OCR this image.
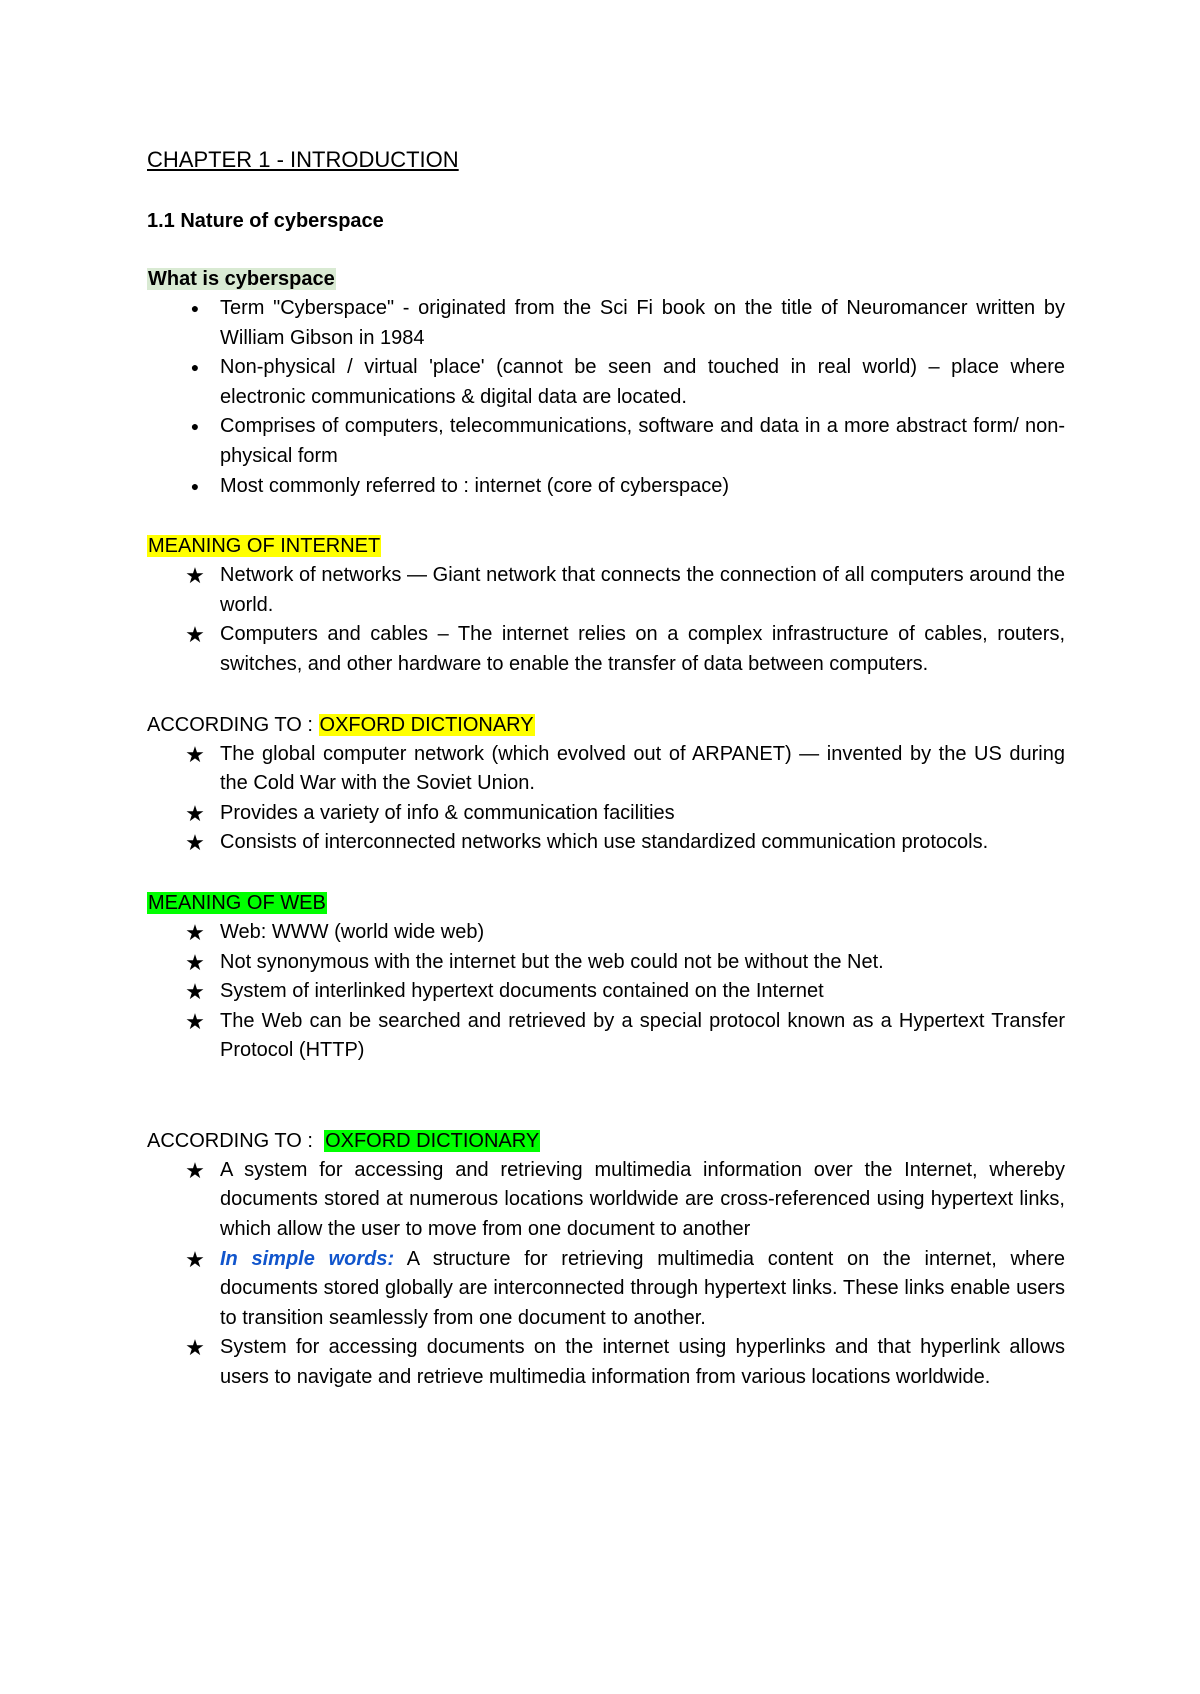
CHAPTER 1 - INTRODUCTION
1.1 Nature of cyberspace
What is cyberspace
●	Term "Cyberspace" - originated from the Sci Fi book on the title of Neuromancer written by William Gibson in 1984
●	Non-physical / virtual 'place' (cannot be seen and touched in real world) – place where electronic communications & digital data are located.
●	Comprises of computers, telecommunications, software and data in a more abstract form/ non-physical form
●	Most commonly referred to : internet (core of cyberspace)
MEANING OF INTERNET
★ Network of networks — Giant network that connects the connection of all computers around the world.
★ Computers and cables – The internet relies on a complex infrastructure of cables, routers, switches, and other hardware to enable the transfer of data between computers.
ACCORDING TO : OXFORD DICTIONARY
★ The global computer network (which evolved out of ARPANET) — invented by the US during the Cold War with the Soviet Union.
★ Provides a variety of info & communication facilities
★ Consists of interconnected networks which use standardized communication protocols.
MEANING OF WEB
★ Web: WWW (world wide web)
★ Not synonymous with the internet but the web could not be without the Net.
★ System of interlinked hypertext documents contained on the Internet
★ The Web can be searched and retrieved by a special protocol known as a Hypertext Transfer Protocol (HTTP)
ACCORDING TO :  OXFORD DICTIONARY
★ A system for accessing and retrieving multimedia information over the Internet, whereby documents stored at numerous locations worldwide are cross-referenced using hypertext links, which allow the user to move from one document to another
★ In simple words: A structure for retrieving multimedia content on the internet, where documents stored globally are interconnected through hypertext links. These links enable users to transition seamlessly from one document to another.
★ System for accessing documents on the internet using hyperlinks and that hyperlink allows users to navigate and retrieve multimedia information from various locations worldwide.
